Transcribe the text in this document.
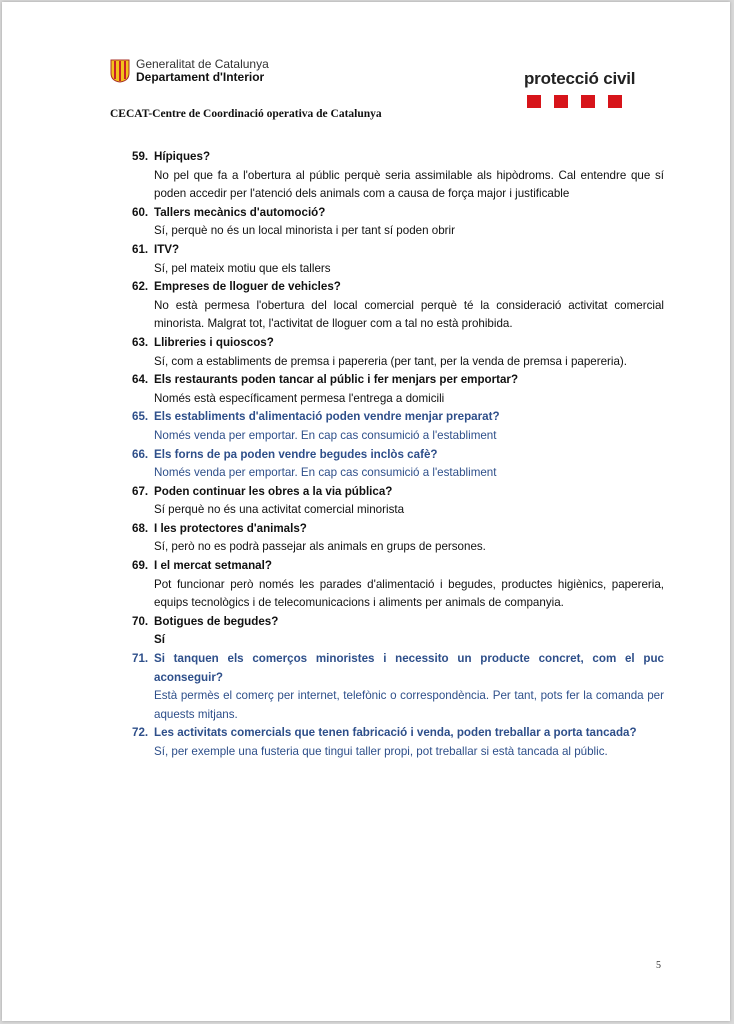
Generalitat de Catalunya
Departament d'Interior	protecció civil
CECAT-Centre de Coordinació operativa de Catalunya
59. Hípiques?
No pel que fa a l'obertura al públic perquè seria assimilable als hipòdroms. Cal entendre que sí poden accedir per l'atenció dels animals com a causa de força major i justificable
60. Tallers mecànics d'automoció?
Sí, perquè no és un local minorista i per tant sí poden obrir
61. ITV?
Sí, pel mateix motiu que els tallers
62. Empreses de lloguer de vehicles?
No està permesa l'obertura del local comercial perquè té la consideració activitat comercial minorista. Malgrat tot, l'activitat de lloguer com a tal no està prohibida.
63. Llibreries i quioscos?
Sí, com a establiments de premsa i papereria (per tant, per la venda de premsa i papereria).
64. Els restaurants poden tancar al públic i fer menjars per emportar?
Només està específicament permesa l'entrega a domicili
65. Els establiments d'alimentació poden vendre menjar preparat?
Només venda per emportar. En cap cas consumició a l'establiment
66. Els forns de pa poden vendre begudes inclòs cafè?
Només venda per emportar. En cap cas consumició a l'establiment
67. Poden continuar les obres a la via pública?
Sí perquè no és una activitat comercial minorista
68. I les protectores d'animals?
Sí, però no es podrà passejar als animals en grups de persones.
69. I el mercat setmanal?
Pot funcionar però només les parades d'alimentació i begudes, productes higiènics, papereria, equips tecnològics i de telecomunicacions i aliments per animals de companyia.
70. Botigues de begudes?
Sí
71. Si tanquen els comerços minoristes i necessito un producte concret, com el puc aconseguir?
Està permès el comerç per internet, telefònic o correspondència. Per tant, pots fer la comanda per aquests mitjans.
72. Les activitats comercials que tenen fabricació i venda, poden treballar a porta tancada?
Sí, per exemple una fusteria que tingui taller propi, pot treballar si està tancada al públic.
5
